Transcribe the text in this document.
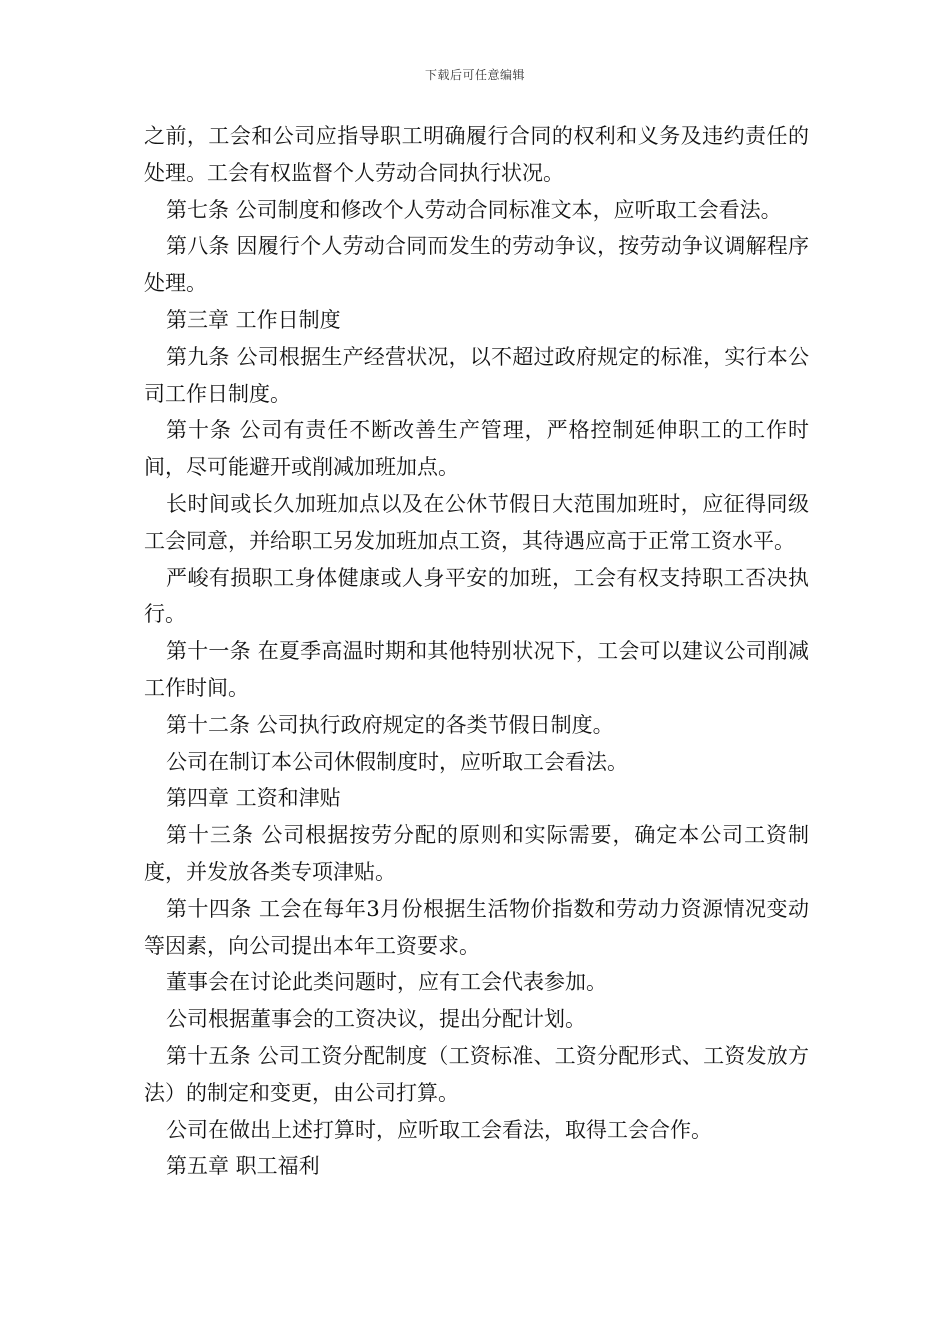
下载后可任意编辑

之前，工会和公司应指导职工明确履行合同的权利和义务及违约责任的处理。工会有权监督个人劳动合同执行状况。

第七条 公司制度和修改个人劳动合同标准文本，应听取工会看法。

第八条 因履行个人劳动合同而发生的劳动争议，按劳动争议调解程序处理。

第三章 工作日制度

第九条 公司根据生产经营状况，以不超过政府规定的标准，实行本公司工作日制度。

第十条 公司有责任不断改善生产管理，严格控制延伸职工的工作时间，尽可能避开或削减加班加点。

长时间或长久加班加点以及在公休节假日大范围加班时，应征得同级工会同意，并给职工另发加班加点工资，其待遇应高于正常工资水平。

严峻有损职工身体健康或人身平安的加班，工会有权支持职工否决执行。

第十一条 在夏季高温时期和其他特别状况下，工会可以建议公司削减工作时间。

第十二条 公司执行政府规定的各类节假日制度。

公司在制订本公司休假制度时，应听取工会看法。

第四章 工资和津贴

第十三条 公司根据按劳分配的原则和实际需要，确定本公司工资制度，并发放各类专项津贴。

第十四条 工会在每年3月份根据生活物价指数和劳动力资源情况变动等因素，向公司提出本年工资要求。

董事会在讨论此类问题时，应有工会代表参加。

公司根据董事会的工资决议，提出分配计划。

第十五条 公司工资分配制度（工资标准、工资分配形式、工资发放方法）的制定和变更，由公司打算。

公司在做出上述打算时，应听取工会看法，取得工会合作。

第五章 职工福利
